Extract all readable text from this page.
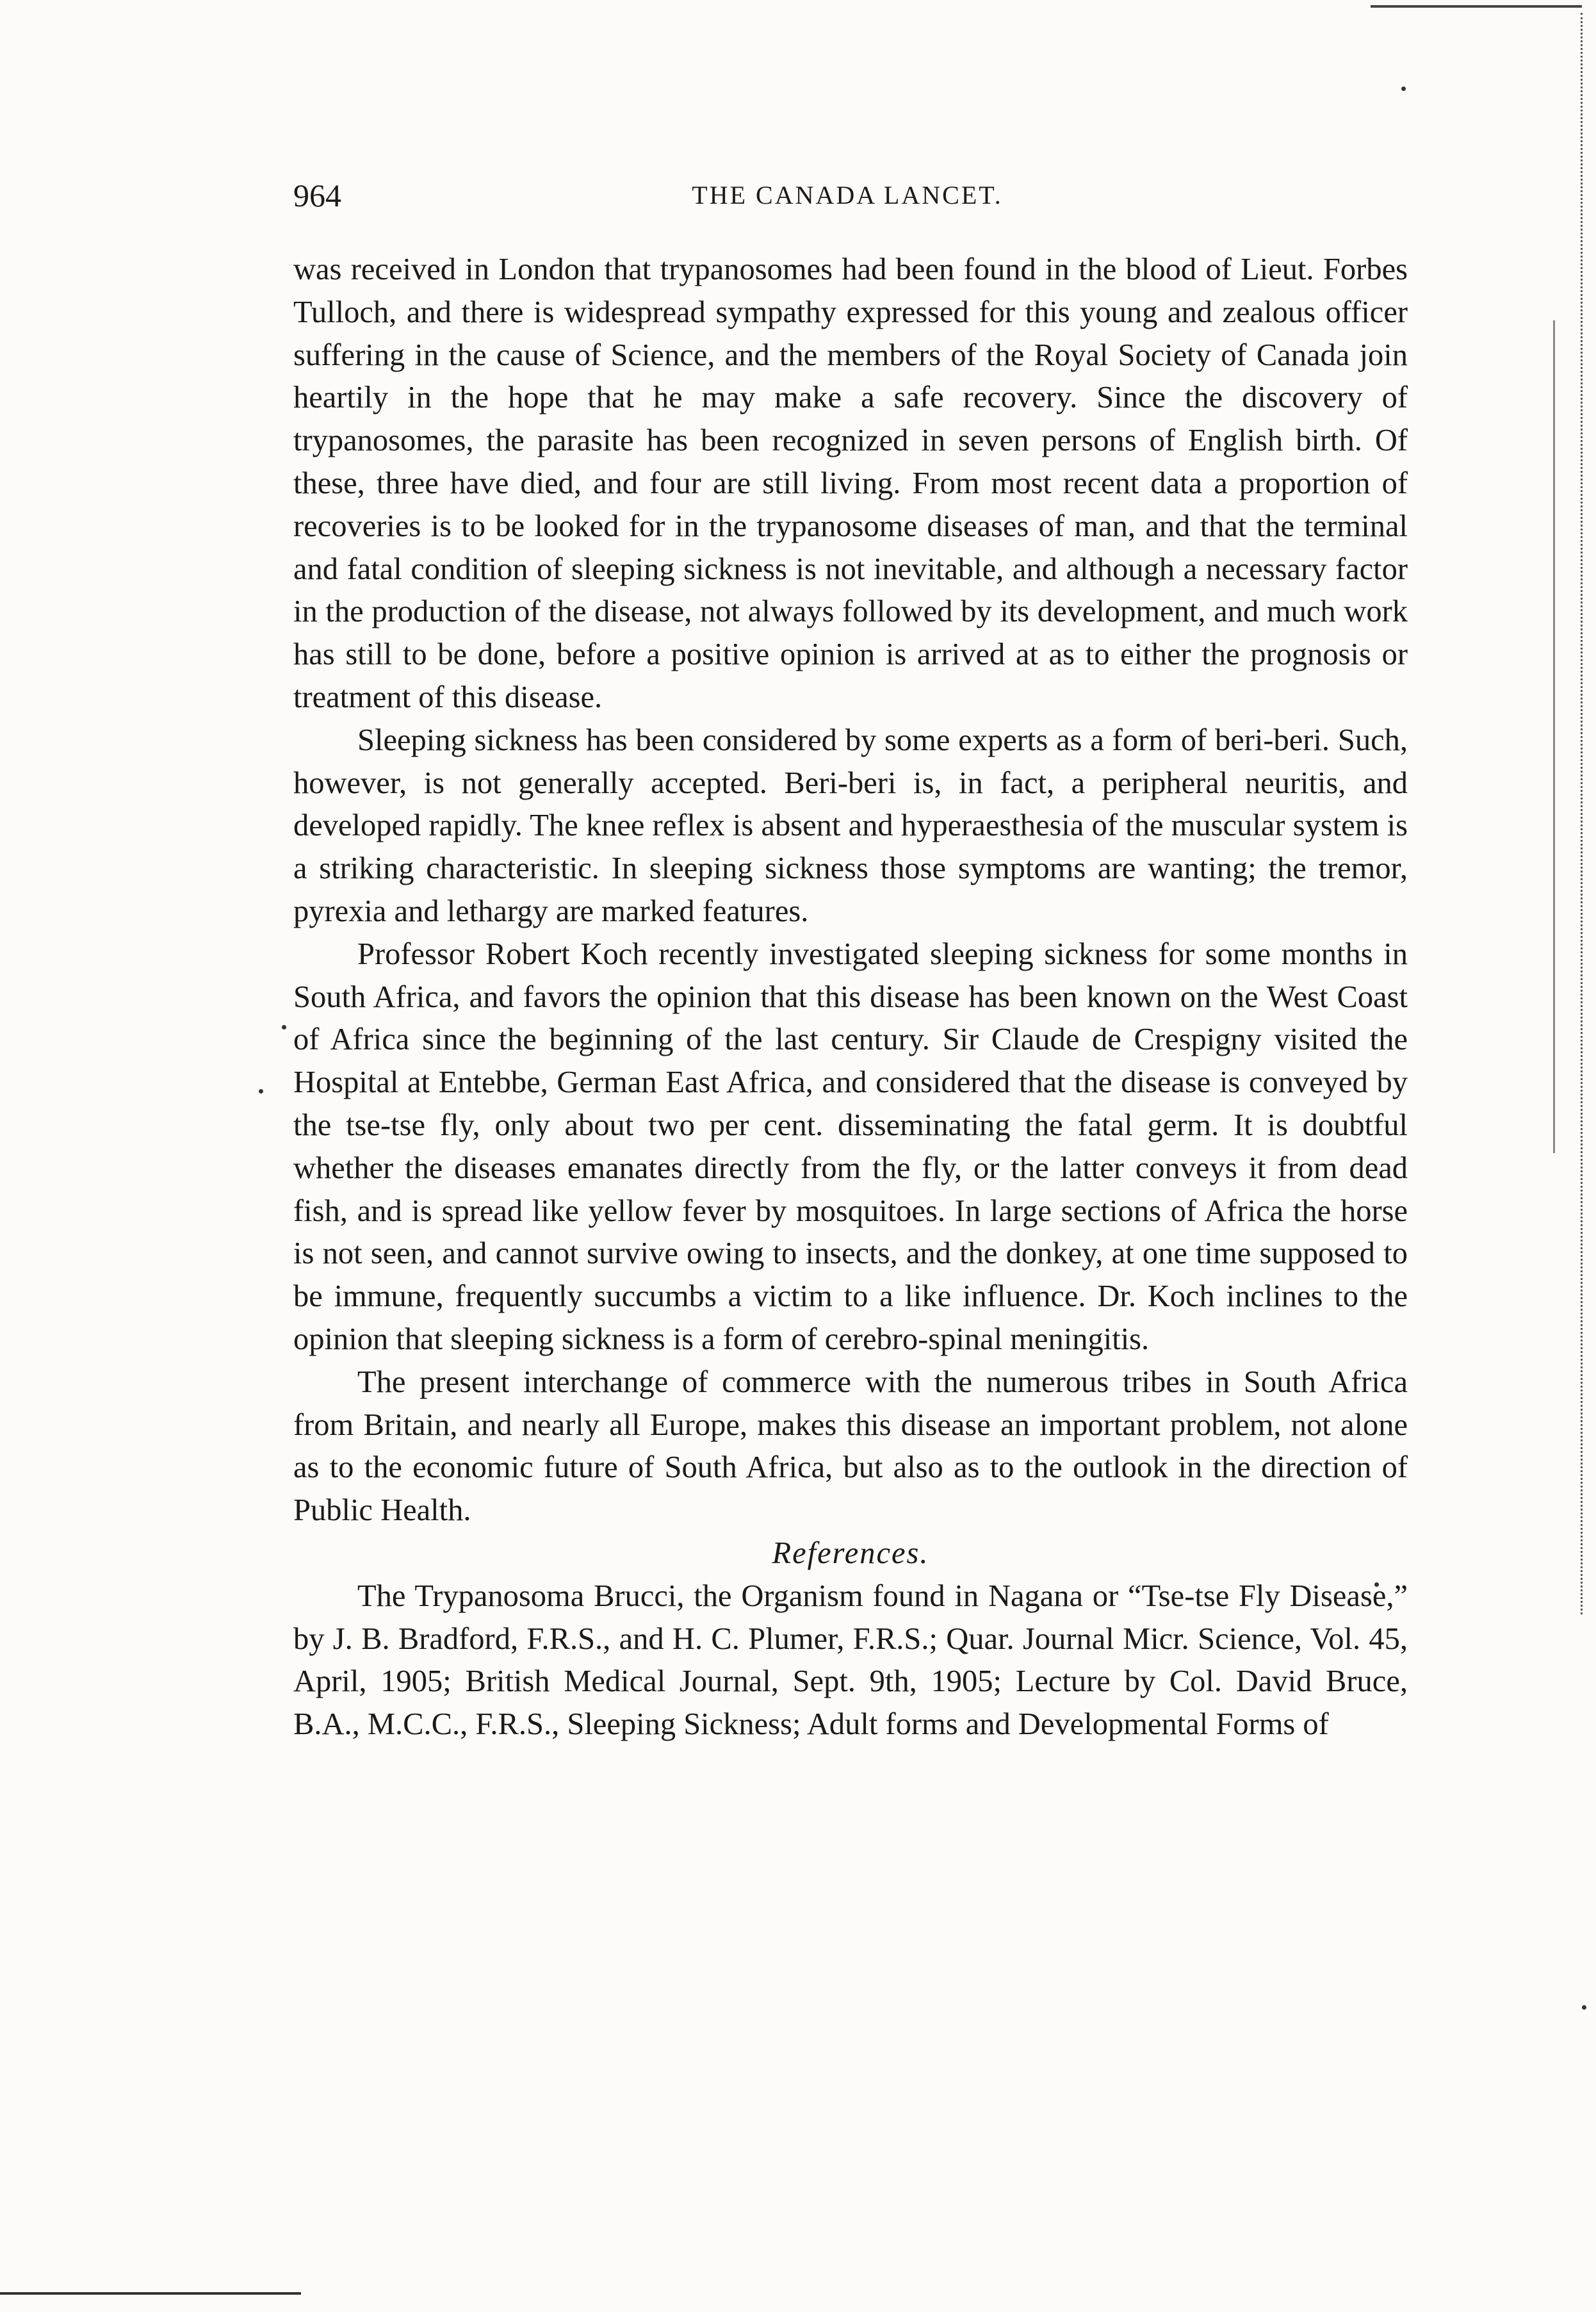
964	THE CANADA LANCET.

was received in London that trypanosomes had been found in the blood of Lieut. Forbes Tulloch, and there is widespread sympathy expressed for this young and zealous officer suffering in the cause of Science, and the members of the Royal Society of Canada join heartily in the hope that he may make a safe recovery. Since the discovery of trypanosomes, the parasite has been recognized in seven persons of English birth. Of these, three have died, and four are still living. From most recent data a proportion of recoveries is to be looked for in the trypanosome diseases of man, and that the terminal and fatal condition of sleeping sickness is not inevitable, and although a necessary factor in the production of the disease, not always followed by its development, and much work has still to be done, before a positive opinion is arrived at as to either the prognosis or treatment of this disease.

Sleeping sickness has been considered by some experts as a form of beri-beri. Such, however, is not generally accepted. Beri-beri is, in fact, a peripheral neuritis, and developed rapidly. The knee reflex is absent and hyperaesthesia of the muscular system is a striking characteristic. In sleeping sickness those symptoms are wanting; the tremor, pyrexia and lethargy are marked features.

Professor Robert Koch recently investigated sleeping sickness for some months in South Africa, and favors the opinion that this disease has been known on the West Coast of Africa since the beginning of the last century. Sir Claude de Crespigny visited the Hospital at Entebbe, German East Africa, and considered that the disease is conveyed by the tse-tse fly, only about two per cent. disseminating the fatal germ. It is doubtful whether the diseases emanates directly from the fly, or the latter conveys it from dead fish, and is spread like yellow fever by mosquitoes. In large sections of Africa the horse is not seen, and cannot survive owing to insects, and the donkey, at one time supposed to be immune, frequently succumbs a victim to a like influence. Dr. Koch inclines to the opinion that sleeping sickness is a form of cerebro-spinal meningitis.

The present interchange of commerce with the numerous tribes in South Africa from Britain, and nearly all Europe, makes this disease an important problem, not alone as to the economic future of South Africa, but also as to the outlook in the direction of Public Health.

References.

The Trypanosoma Brucci, the Organism found in Nagana or “Tse-tse Fly Disease,” by J. B. Bradford, F.R.S., and H. C. Plumer, F.R.S.; Quar. Journal Micr. Science, Vol. 45, April, 1905; British Medical Journal, Sept. 9th, 1905; Lecture by Col. David Bruce, B.A., M.C.C., F.R.S., Sleeping Sickness; Adult forms and Developmental Forms of
